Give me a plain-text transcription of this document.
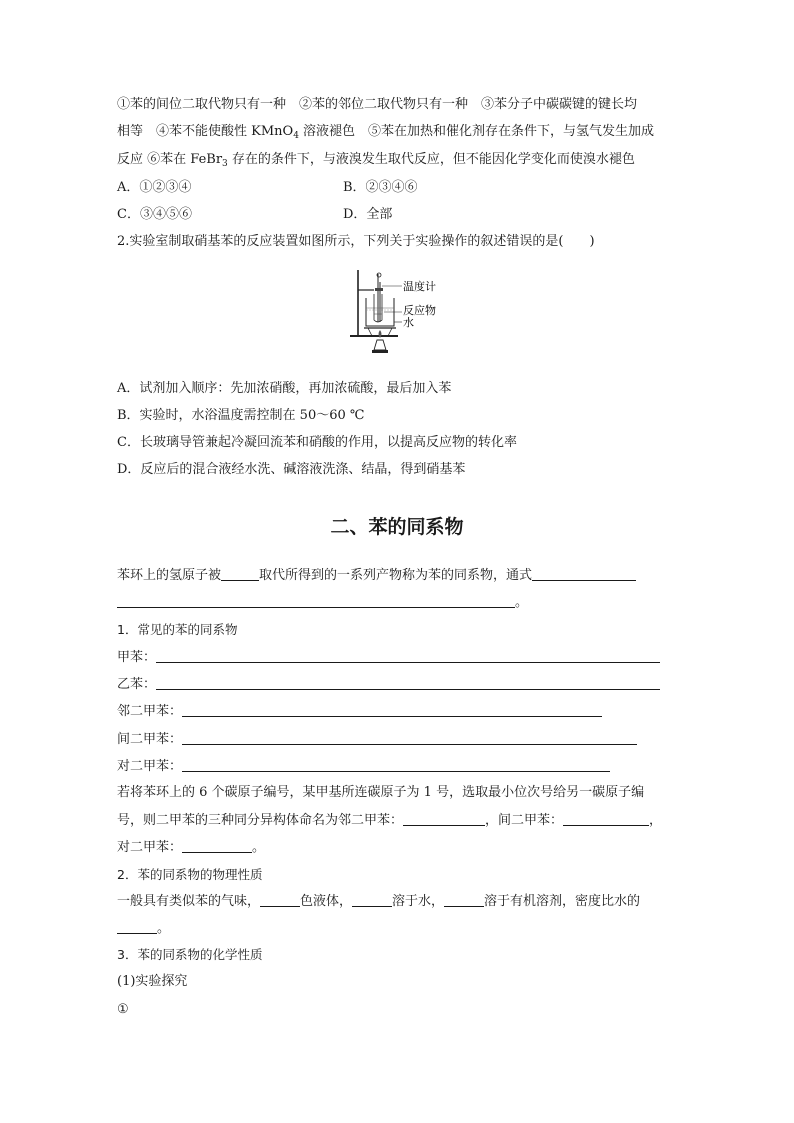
①苯的间位二取代物只有一种　②苯的邻位二取代物只有一种　③苯分子中碳碳键的键长均
相等　④苯不能使酸性 KMnO$_4$ 溶液褪色　⑤苯在加热和催化剂存在条件下，与氢气发生加成
反应 ⑥苯在 FeBr$_3$ 存在的条件下，与液溴发生取代反应，但不能因化学变化而使溴水褪色
A．①②③④	B．②③④⑥
C．③④⑤⑥	D．全部
2.实验室制取硝基苯的反应装置如图所示，下列关于实验操作的叙述错误的是(　　)
温度计
反应物
水
A．试剂加入顺序：先加浓硝酸，再加浓硫酸，最后加入苯
B．实验时，水浴温度需控制在 50～60 ℃
C．长玻璃导管兼起冷凝回流苯和硝酸的作用，以提高反应物的转化率
D．反应后的混合液经水洗、碱溶液洗涤、结晶，得到硝基苯
二、苯的同系物
苯环上的氢原子被	取代所得到的一系列产物称为苯的同系物，通式
。
1．常见的苯的同系物
甲苯：
乙苯：
邻二甲苯：
间二甲苯：
对二甲苯：
若将苯环上的 6 个碳原子编号，某甲基所连碳原子为 1 号，选取最小位次号给另一碳原子编
号，则二甲苯的三种同分异构体命名为邻二甲苯：	，间二甲苯：	，
对二甲苯：	。
2．苯的同系物的物理性质
一般具有类似苯的气味，	色液体，	溶于水，	溶于有机溶剂，密度比水的
。
3．苯的同系物的化学性质
(1)实验探究
①
